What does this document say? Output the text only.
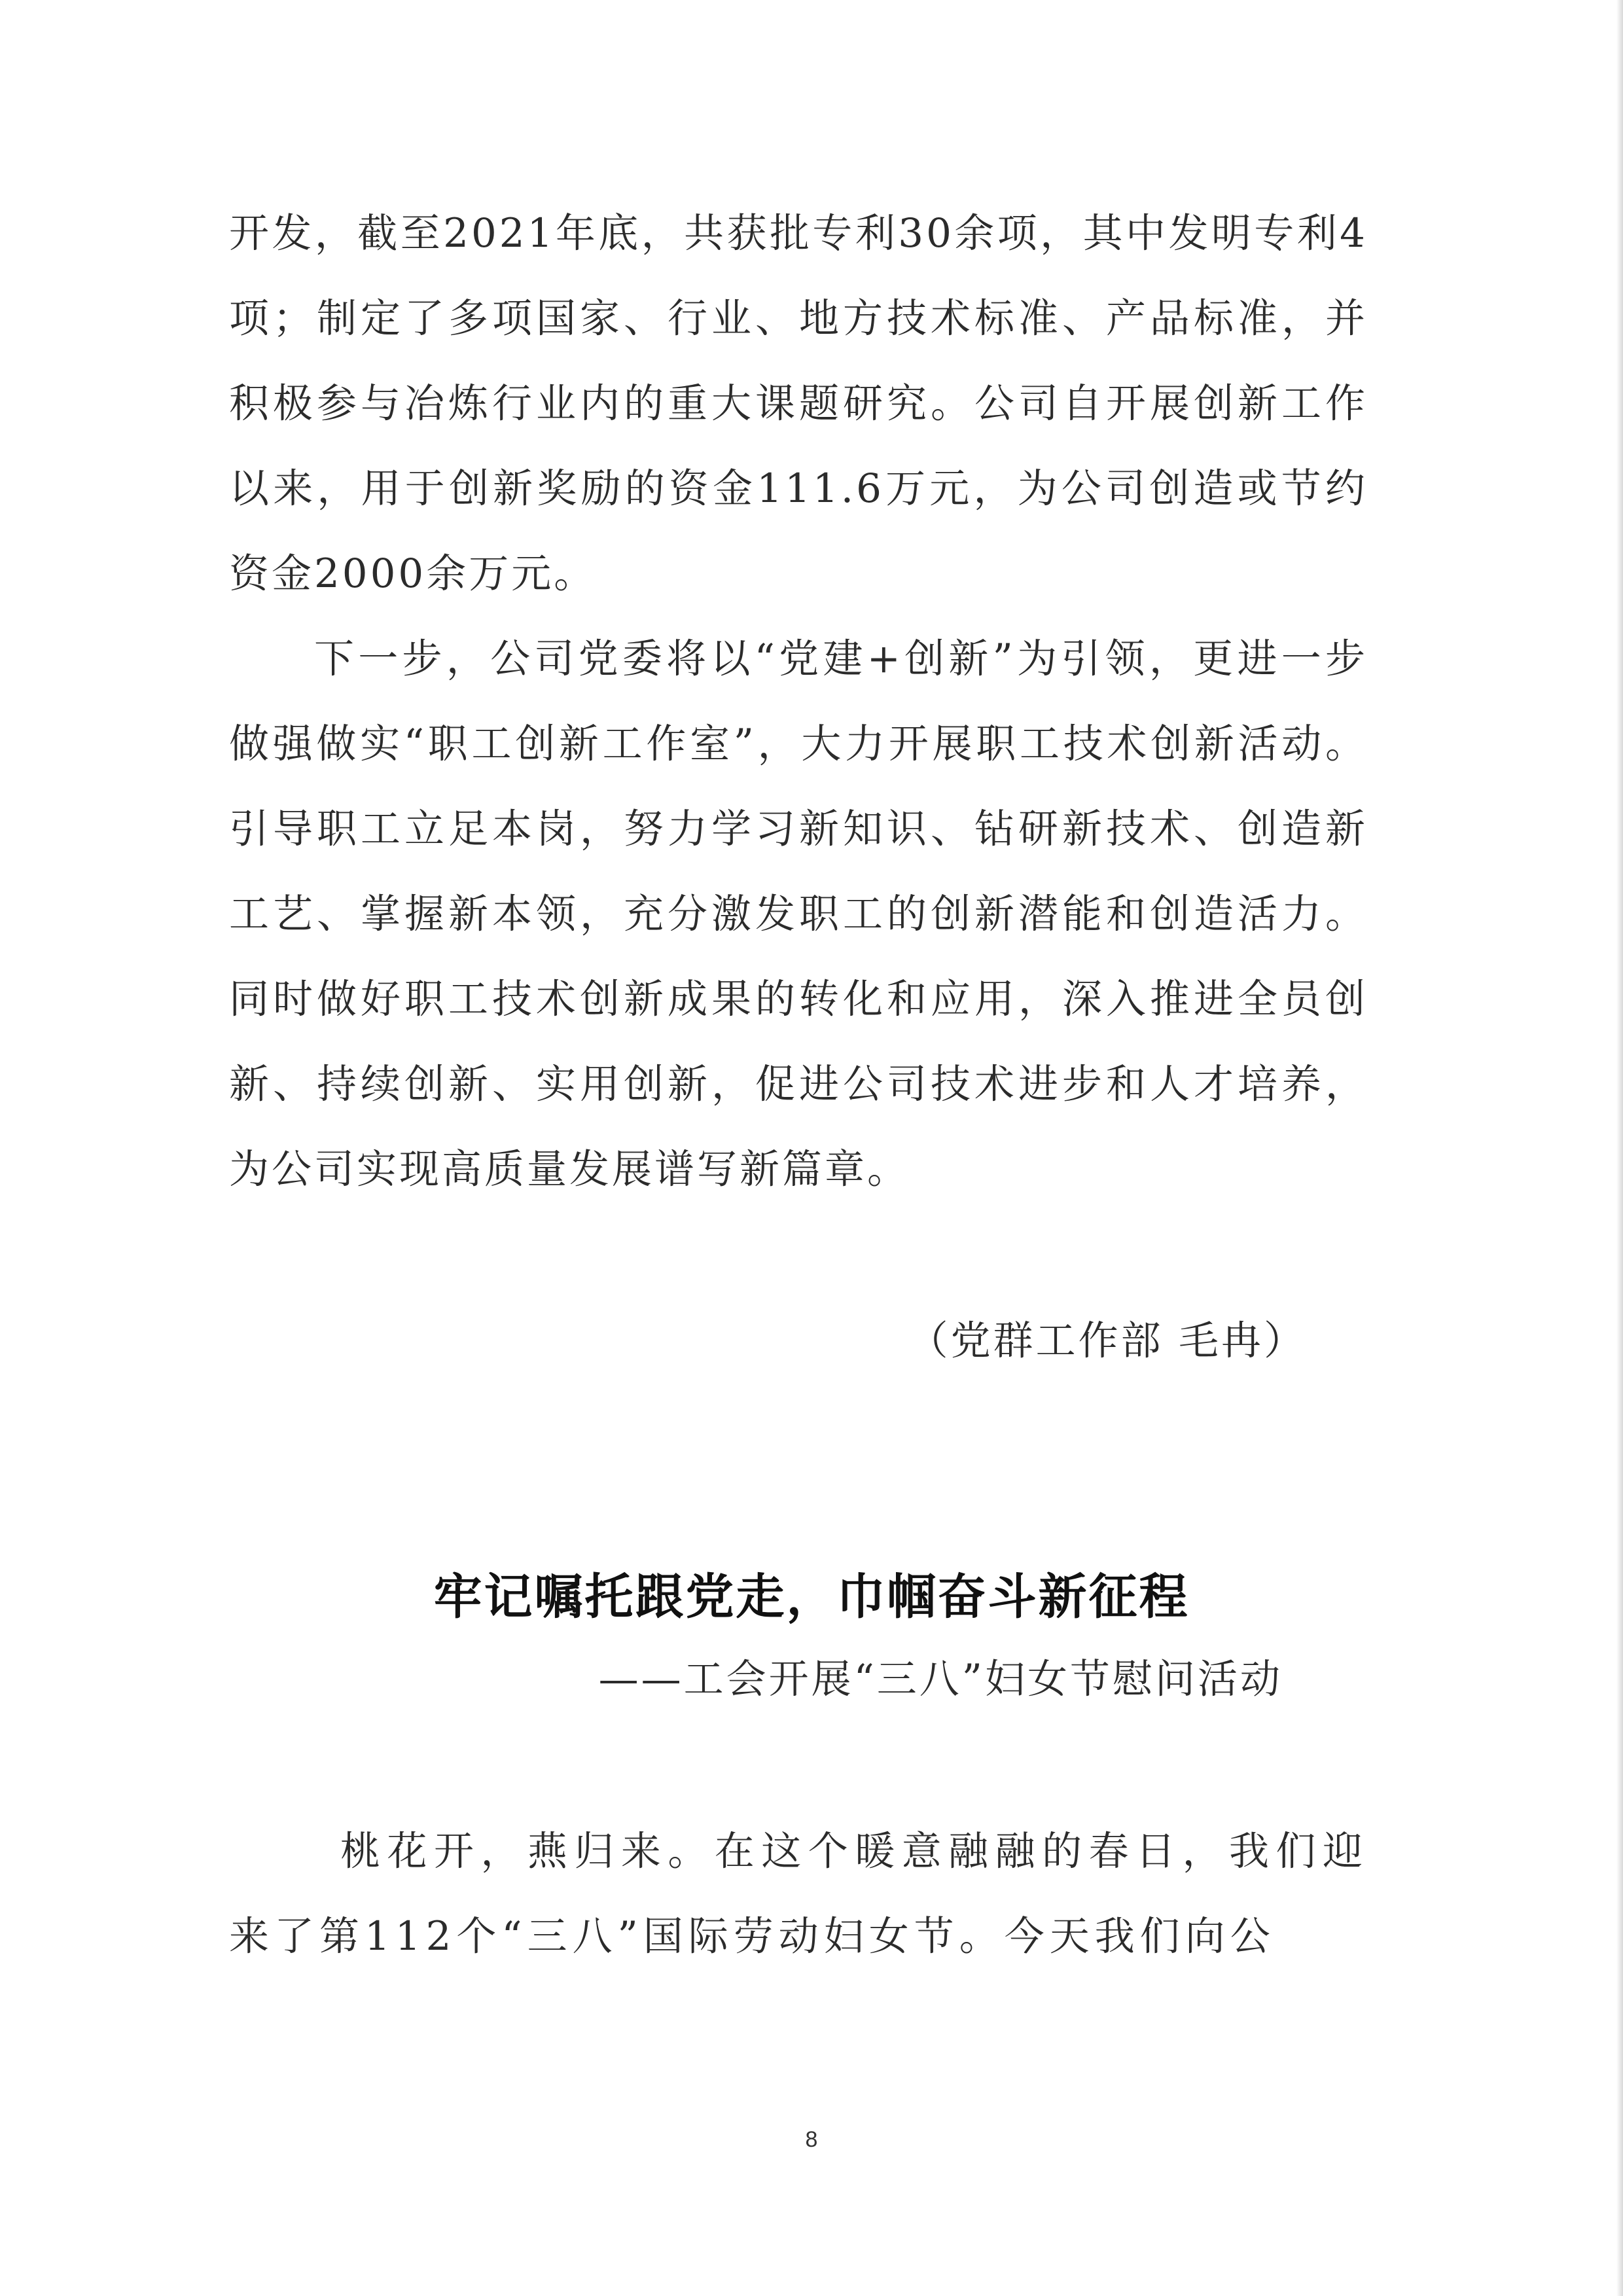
开发，截至2021年底，共获批专利30余项，其中发明专利4项；制定了多项国家、行业、地方技术标准、产品标准，并积极参与冶炼行业内的重大课题研究。公司自开展创新工作以来，用于创新奖励的资金111.6万元，为公司创造或节约资金2000余万元。

下一步，公司党委将以“党建+创新”为引领，更进一步做强做实“职工创新工作室”，大力开展职工技术创新活动。引导职工立足本岗，努力学习新知识、钻研新技术、创造新工艺、掌握新本领，充分激发职工的创新潜能和创造活力。同时做好职工技术创新成果的转化和应用，深入推进全员创新、持续创新、实用创新，促进公司技术进步和人才培养，为公司实现高质量发展谱写新篇章。

（党群工作部 毛冉）

牢记嘱托跟党走，巾帼奋斗新征程

——工会开展“三八”妇女节慰问活动

桃花开，燕归来。在这个暖意融融的春日，我们迎来了第112个“三八”国际劳动妇女节。今天我们向公

8
